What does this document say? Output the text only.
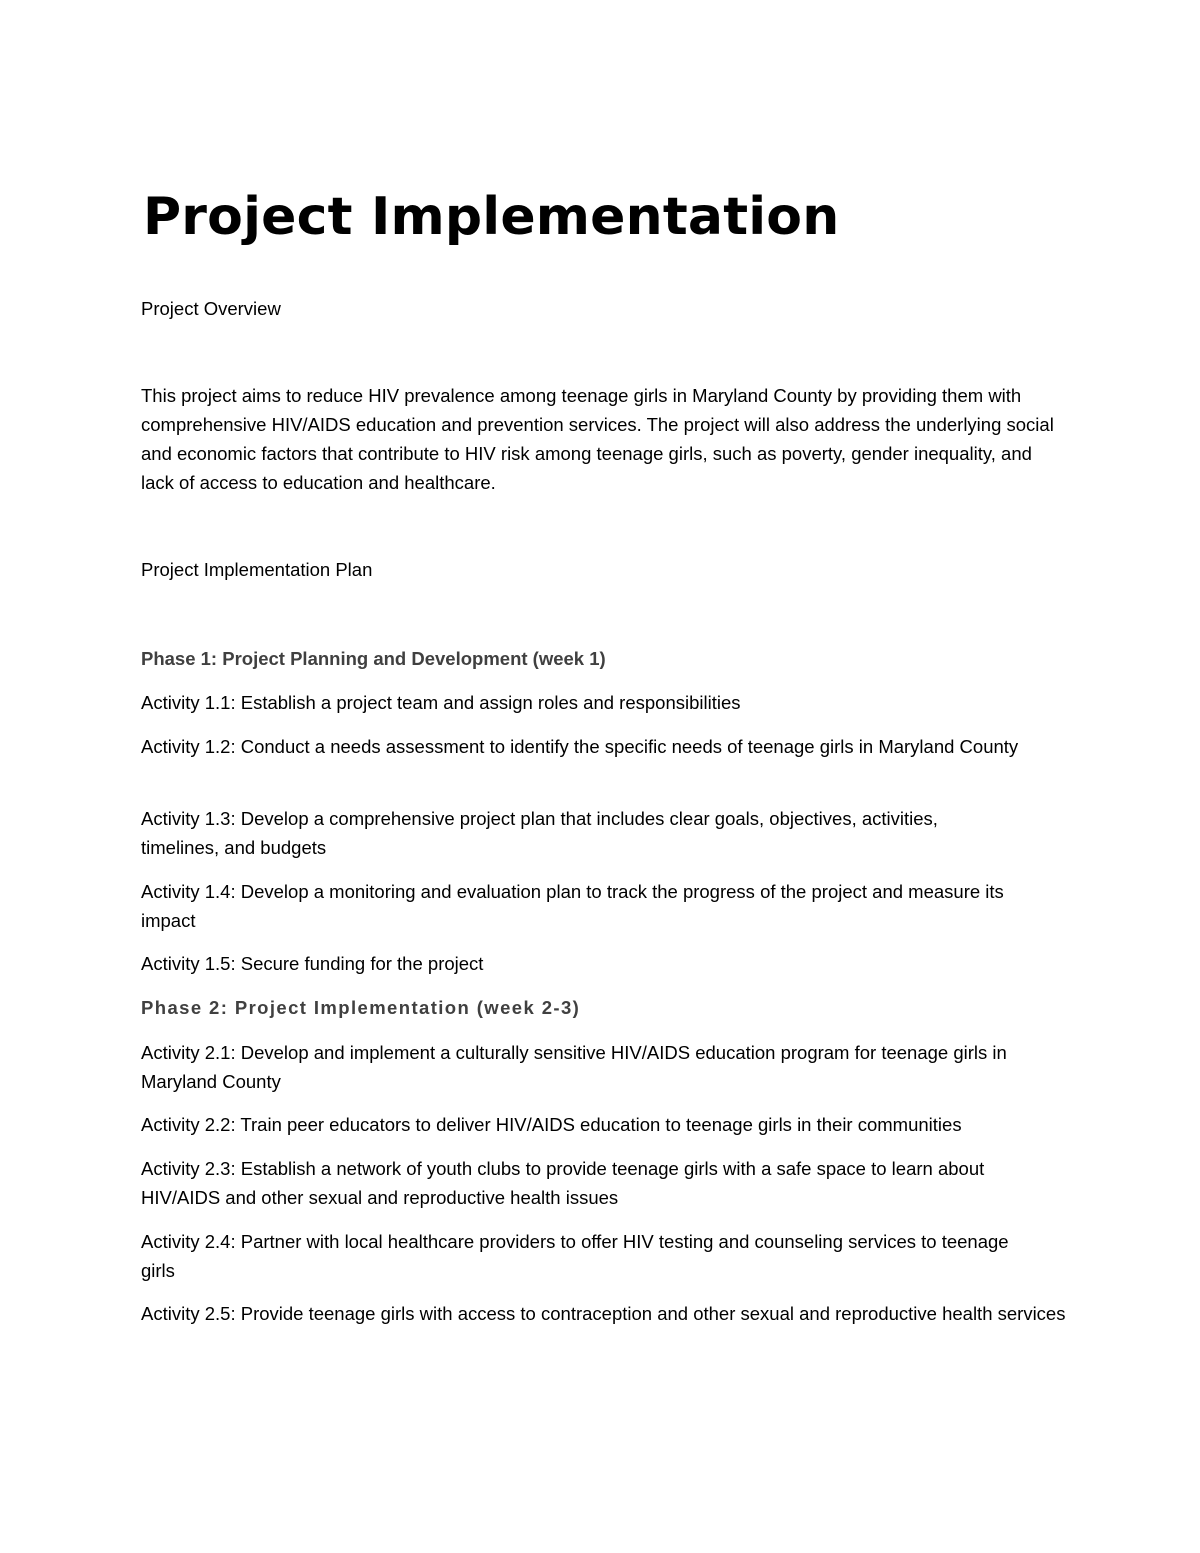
Project Implementation

Project Overview

This project aims to reduce HIV prevalence among teenage girls in Maryland County by providing them with comprehensive HIV/AIDS education and prevention services. The project will also address the underlying social and economic factors that contribute to HIV risk among teenage girls, such as poverty, gender inequality, and lack of access to education and healthcare.

Project Implementation Plan

Phase 1: Project Planning and Development (week 1)

Activity 1.1: Establish a project team and assign roles and responsibilities

Activity 1.2: Conduct a needs assessment to identify the specific needs of teenage girls in Maryland County

Activity 1.3: Develop a comprehensive project plan that includes clear goals, objectives, activities, timelines, and budgets

Activity 1.4: Develop a monitoring and evaluation plan to track the progress of the project and measure its impact

Activity 1.5: Secure funding for the project

Phase 2: Project Implementation (week 2-3)

Activity 2.1: Develop and implement a culturally sensitive HIV/AIDS education program for teenage girls in Maryland County

Activity 2.2: Train peer educators to deliver HIV/AIDS education to teenage girls in their communities

Activity 2.3: Establish a network of youth clubs to provide teenage girls with a safe space to learn about HIV/AIDS and other sexual and reproductive health issues

Activity 2.4: Partner with local healthcare providers to offer HIV testing and counseling services to teenage girls

Activity 2.5: Provide teenage girls with access to contraception and other sexual and reproductive health services
